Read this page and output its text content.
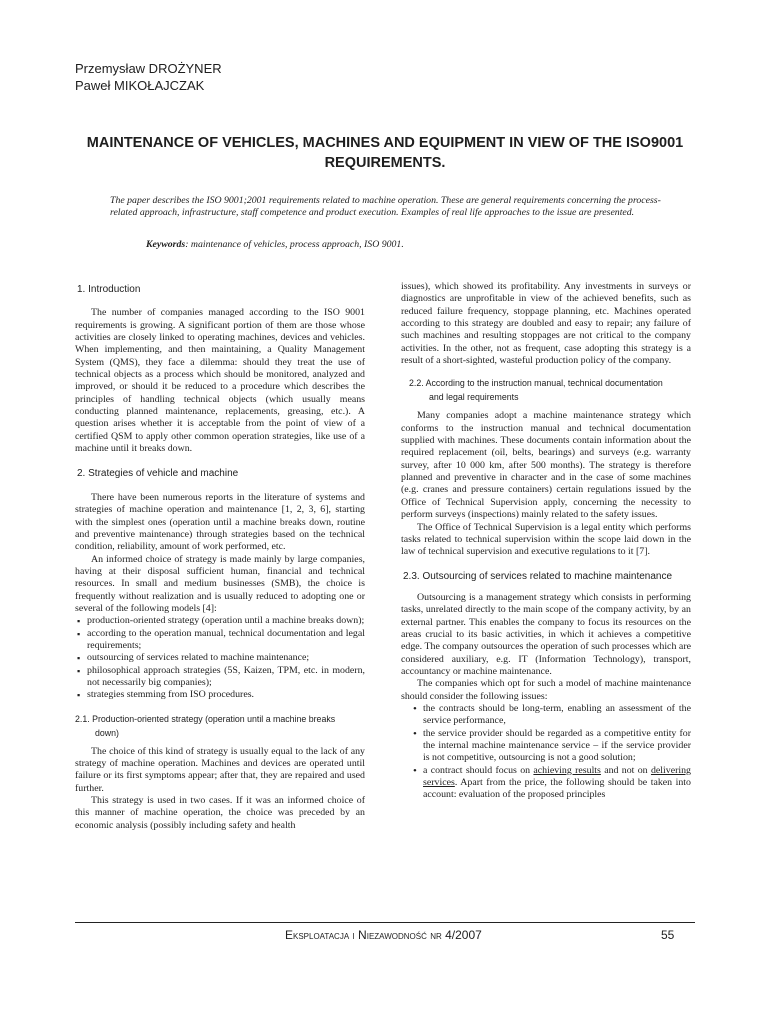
Przemysław DROŻYNER
Paweł MIKOŁAJCZAK
MAINTENANCE OF VEHICLES, MACHINES AND EQUIPMENT IN VIEW OF THE ISO9001 REQUIREMENTS.
The paper describes the ISO 9001;2001 requirements related to machine operation. These are general requirements concerning the process-related approach, infrastructure, staff competence and product execution. Examples of real life approaches to the issue are presented.
Keywords: maintenance of vehicles, process approach, ISO 9001.
1. Introduction

The number of companies managed according to the ISO 9001 requirements is growing. A significant portion of them are those whose activities are closely linked to operating machines, devices and vehicles. When implementing, and then maintaining, a Quality Management System (QMS), they face a dilemma: should they treat the use of technical objects as a process which should be monitored, analyzed and improved, or should it be reduced to a procedure which describes the principles of handling technical objects (which usually means conducting planned maintenance, replacements, greasing, etc.). A question arises whether it is acceptable from the point of view of a certified QSM to apply other common operation strategies, like use of a machine until it breaks down.

2. Strategies of vehicle and machine

There have been numerous reports in the literature of systems and strategies of machine operation and maintenance [1, 2, 3, 6], starting with the simplest ones (operation until a machine breaks down, routine and preventive maintenance) through strategies based on the technical condition, reliability, amount of work performed, etc.

An informed choice of strategy is made mainly by large companies, having at their disposal sufficient human, financial and technical resources. In small and medium businesses (SMB), the choice is frequently without realization and is usually reduced to adopting one or several of the following models [4]:

▪ production-oriented strategy (operation until a machine breaks down);
▪ according to the operation manual, technical documentation and legal requirements;
▪ outsourcing of services related to machine maintenance;
▪ philosophical approach strategies (5S, Kaizen, TPM, etc. in modern, not necessarily big companies);
▪ strategies stemming from ISO procedures.
2.1. Production-oriented strategy (operation until a machine breaks
down)

The choice of this kind of strategy is usually equal to the lack of any strategy of machine operation. Machines and devices are operated until failure or its first symptoms appear; after that, they are repaired and used further.

This strategy is used in two cases. If it was an informed choice of this manner of machine operation, the choice was preceded by an economic analysis (possibly including safety and health

issues), which showed its profitability. Any investments in surveys or diagnostics are unprofitable in view of the achieved benefits, such as reduced failure frequency, stoppage planning, etc. Machines operated according to this strategy are doubled and easy to repair; any failure of such machines and resulting stoppages are not critical to the company activities. In the other, not as frequent, case adopting this strategy is a result of a short-sighted, wasteful production policy of the company.

2.2. According to the instruction manual, technical documentation
and legal requirements

Many companies adopt a machine maintenance strategy which conforms to the instruction manual and technical documentation supplied with machines. These documents contain information about the required replacement (oil, belts, bearings) and surveys (e.g. warranty survey, after 10 000 km, after 500 months). The strategy is therefore planned and preventive in character and in the case of some machines (e.g. cranes and pressure containers) certain regulations issued by the Office of Technical Supervision apply, concerning the necessity to perform surveys (inspections) mainly related to the safety issues.

The Office of Technical Supervision is a legal entity which performs tasks related to technical supervision within the scope laid down in the law of technical supervision and executive regulations to it [7].

2.3. Outsourcing of services related to machine maintenance

Outsourcing is a management strategy which consists in performing tasks, unrelated directly to the main scope of the company activity, by an external partner. This enables the company to focus its resources on the areas crucial to its basic activities, in which it achieves a competitive edge. The company outsources the operation of such processes which are considered auxiliary, e.g. IT (Information Technology), transport, accountancy or machine maintenance.

The companies which opt for such a model of machine maintenance should consider the following issues:

• the contracts should be long-term, enabling an assessment of the service performance,
• the service provider should be regarded as a competitive entity for the internal machine maintenance service – if the service provider is not competitive, outsourcing is not a good solution;
• a contract should focus on achieving results and not on delivering services. Apart from the price, the following should be taken into account: evaluation of the proposed principles
Eksploatacja i Niezawodność nr 4/2007	55
